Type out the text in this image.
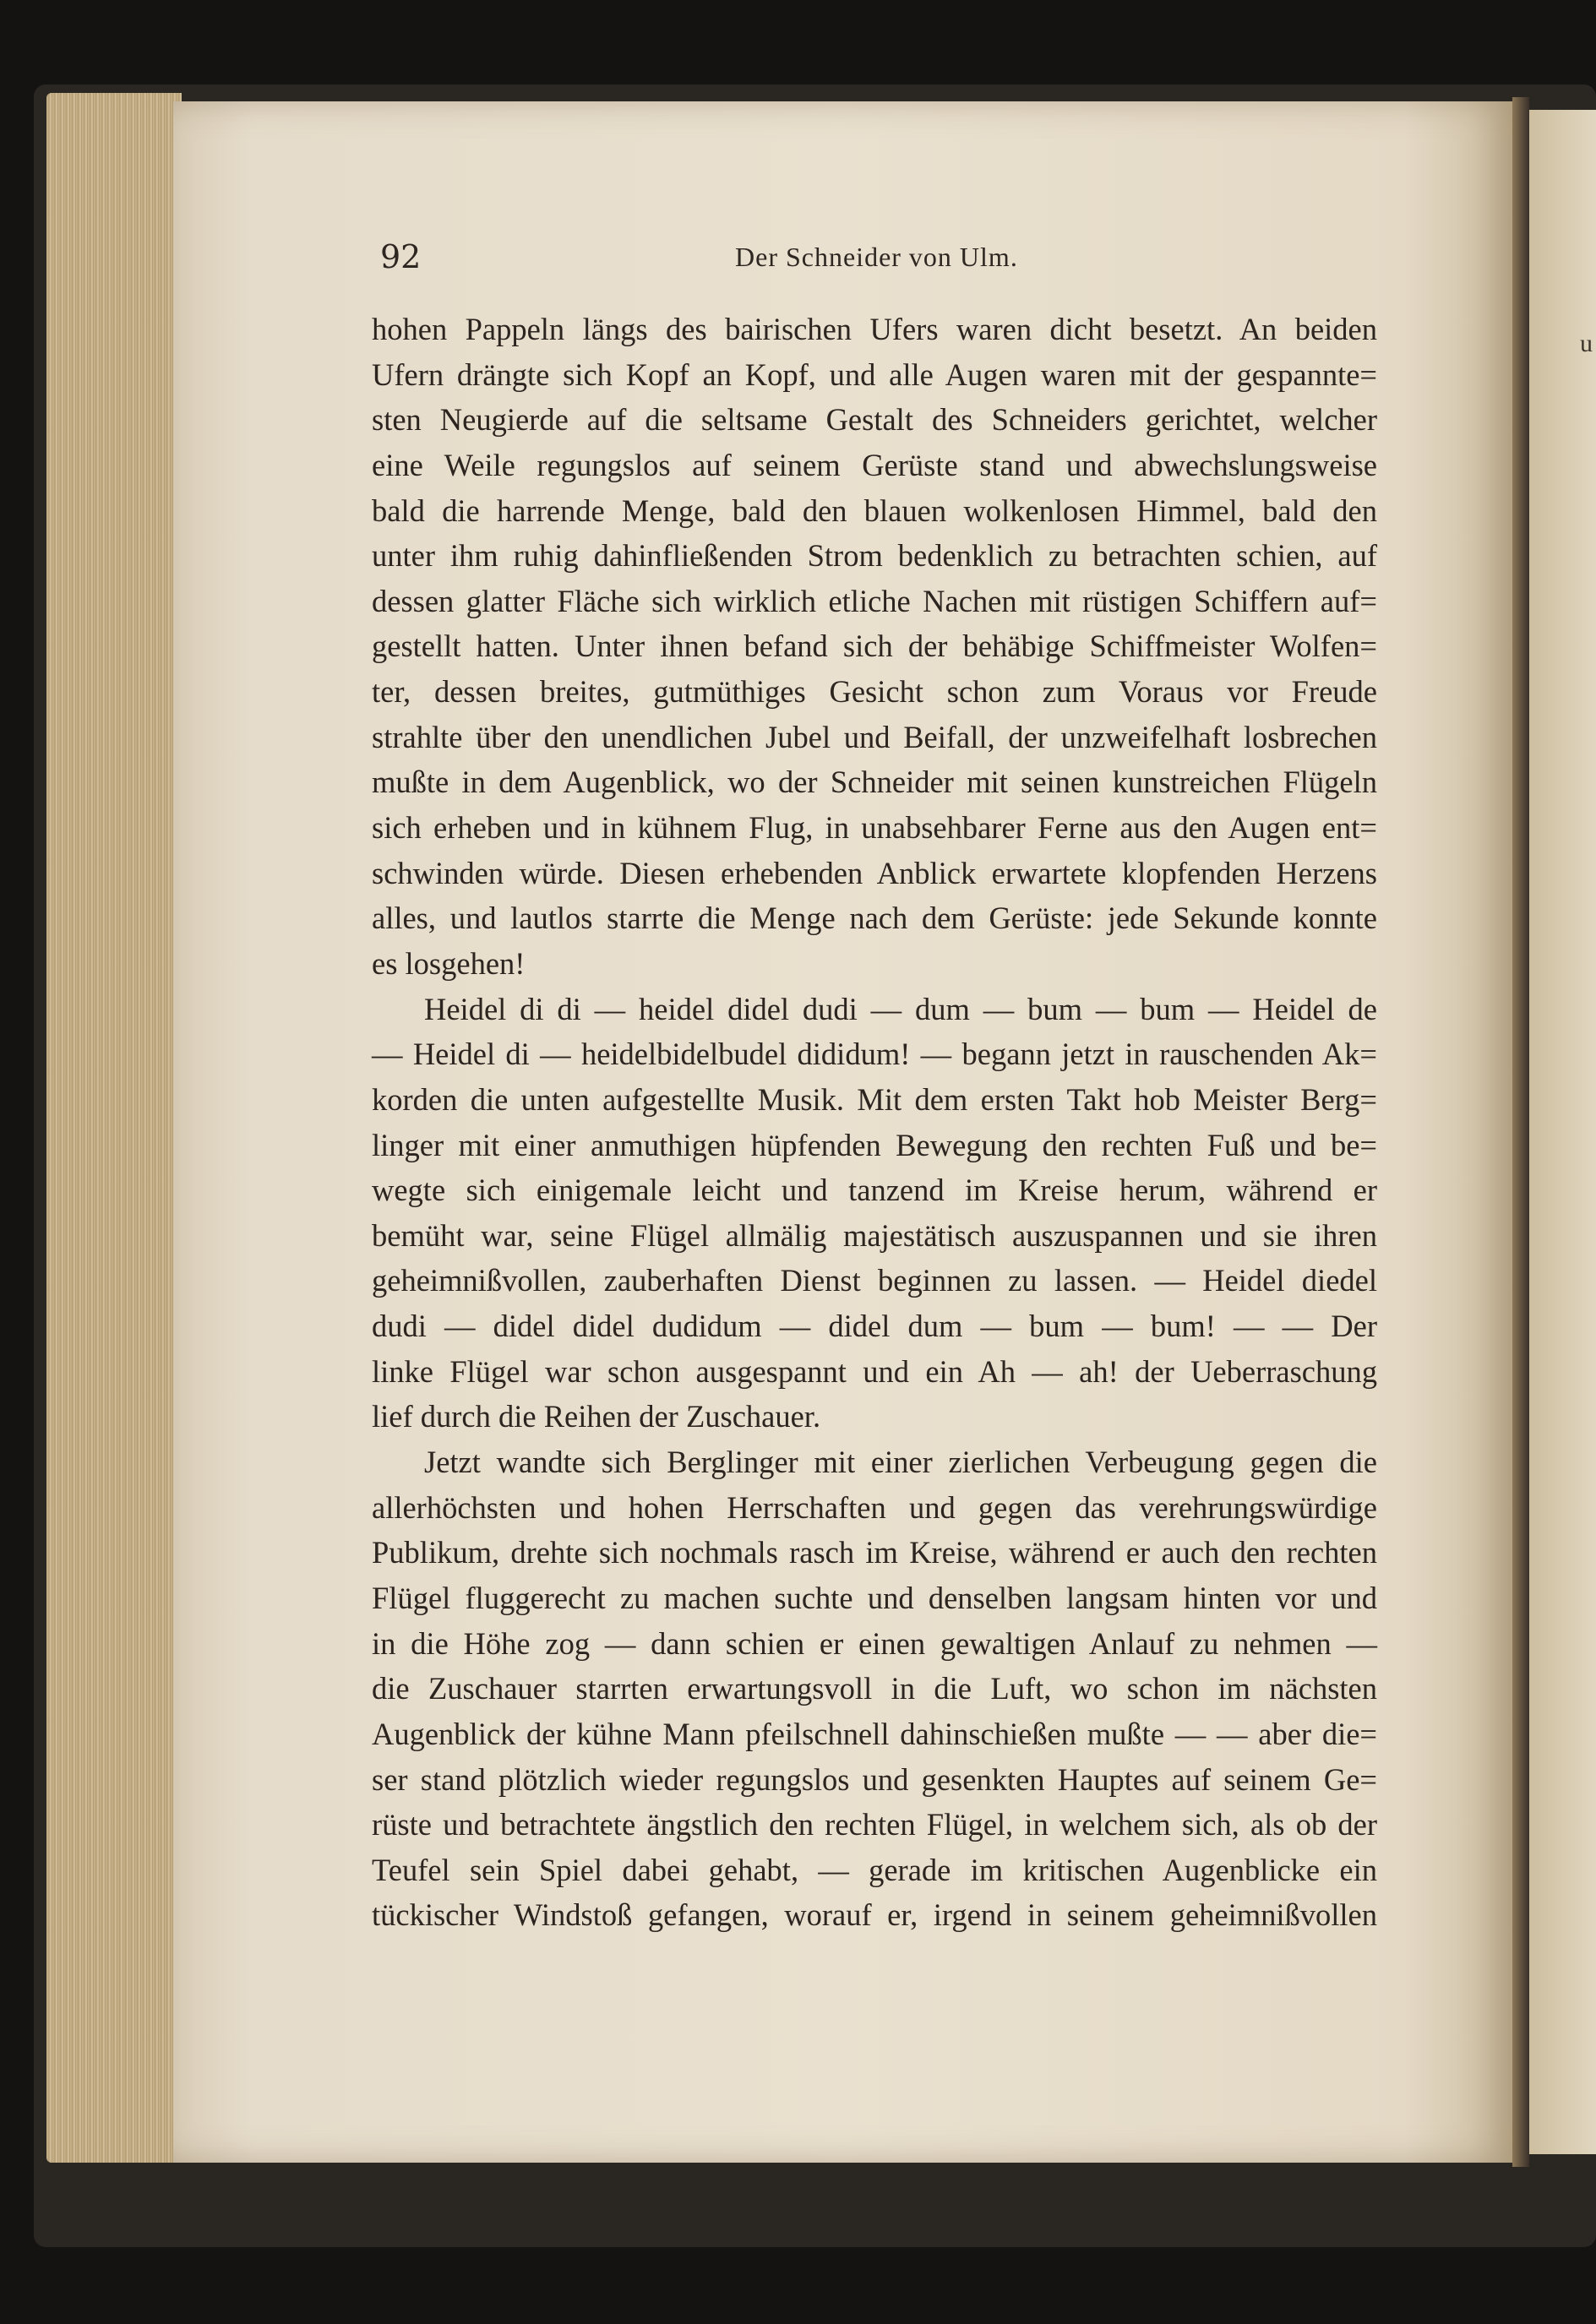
92	Der Schneider von Ulm.
hohen Pappeln längs des bairischen Ufers waren dicht besetzt. An beiden
Ufern drängte sich Kopf an Kopf, und alle Augen waren mit der gespannte=
sten Neugierde auf die seltsame Gestalt des Schneiders gerichtet, welcher
eine Weile regungslos auf seinem Gerüste stand und abwechslungsweise
bald die harrende Menge, bald den blauen wolkenlosen Himmel, bald den
unter ihm ruhig dahinfließenden Strom bedenklich zu betrachten schien, auf
dessen glatter Fläche sich wirklich etliche Nachen mit rüstigen Schiffern auf=
gestellt hatten. Unter ihnen befand sich der behäbige Schiffmeister Wolfen=
ter, dessen breites, gutmüthiges Gesicht schon zum Voraus vor Freude
strahlte über den unendlichen Jubel und Beifall, der unzweifelhaft losbrechen
mußte in dem Augenblick, wo der Schneider mit seinen kunstreichen Flügeln
sich erheben und in kühnem Flug, in unabsehbarer Ferne aus den Augen ent=
schwinden würde. Diesen erhebenden Anblick erwartete klopfenden Herzens
alles, und lautlos starrte die Menge nach dem Gerüste: jede Sekunde konnte
es losgehen!
Heidel di di — heidel didel dudi — dum — bum — bum — Heidel de
— Heidel di — heidelbidelbudel dididum! — begann jetzt in rauschenden Ak=
korden die unten aufgestellte Musik. Mit dem ersten Takt hob Meister Berg=
linger mit einer anmuthigen hüpfenden Bewegung den rechten Fuß und be=
wegte sich einigemale leicht und tanzend im Kreise herum, während er
bemüht war, seine Flügel allmälig majestätisch auszuspannen und sie ihren
geheimnißvollen, zauberhaften Dienst beginnen zu lassen. — Heidel diedel
dudi — didel didel dudidum — didel dum — bum — bum! — — Der
linke Flügel war schon ausgespannt und ein Ah — ah! der Ueberraschung
lief durch die Reihen der Zuschauer.
Jetzt wandte sich Berglinger mit einer zierlichen Verbeugung gegen die
allerhöchsten und hohen Herrschaften und gegen das verehrungswürdige
Publikum, drehte sich nochmals rasch im Kreise, während er auch den rechten
Flügel fluggerecht zu machen suchte und denselben langsam hinten vor und
in die Höhe zog — dann schien er einen gewaltigen Anlauf zu nehmen —
die Zuschauer starrten erwartungsvoll in die Luft, wo schon im nächsten
Augenblick der kühne Mann pfeilschnell dahinschießen mußte — — aber die=
ser stand plötzlich wieder regungslos und gesenkten Hauptes auf seinem Ge=
rüste und betrachtete ängstlich den rechten Flügel, in welchem sich, als ob der
Teufel sein Spiel dabei gehabt, — gerade im kritischen Augenblicke ein
tückischer Windstoß gefangen, worauf er, irgend in seinem geheimnißvollen
u
